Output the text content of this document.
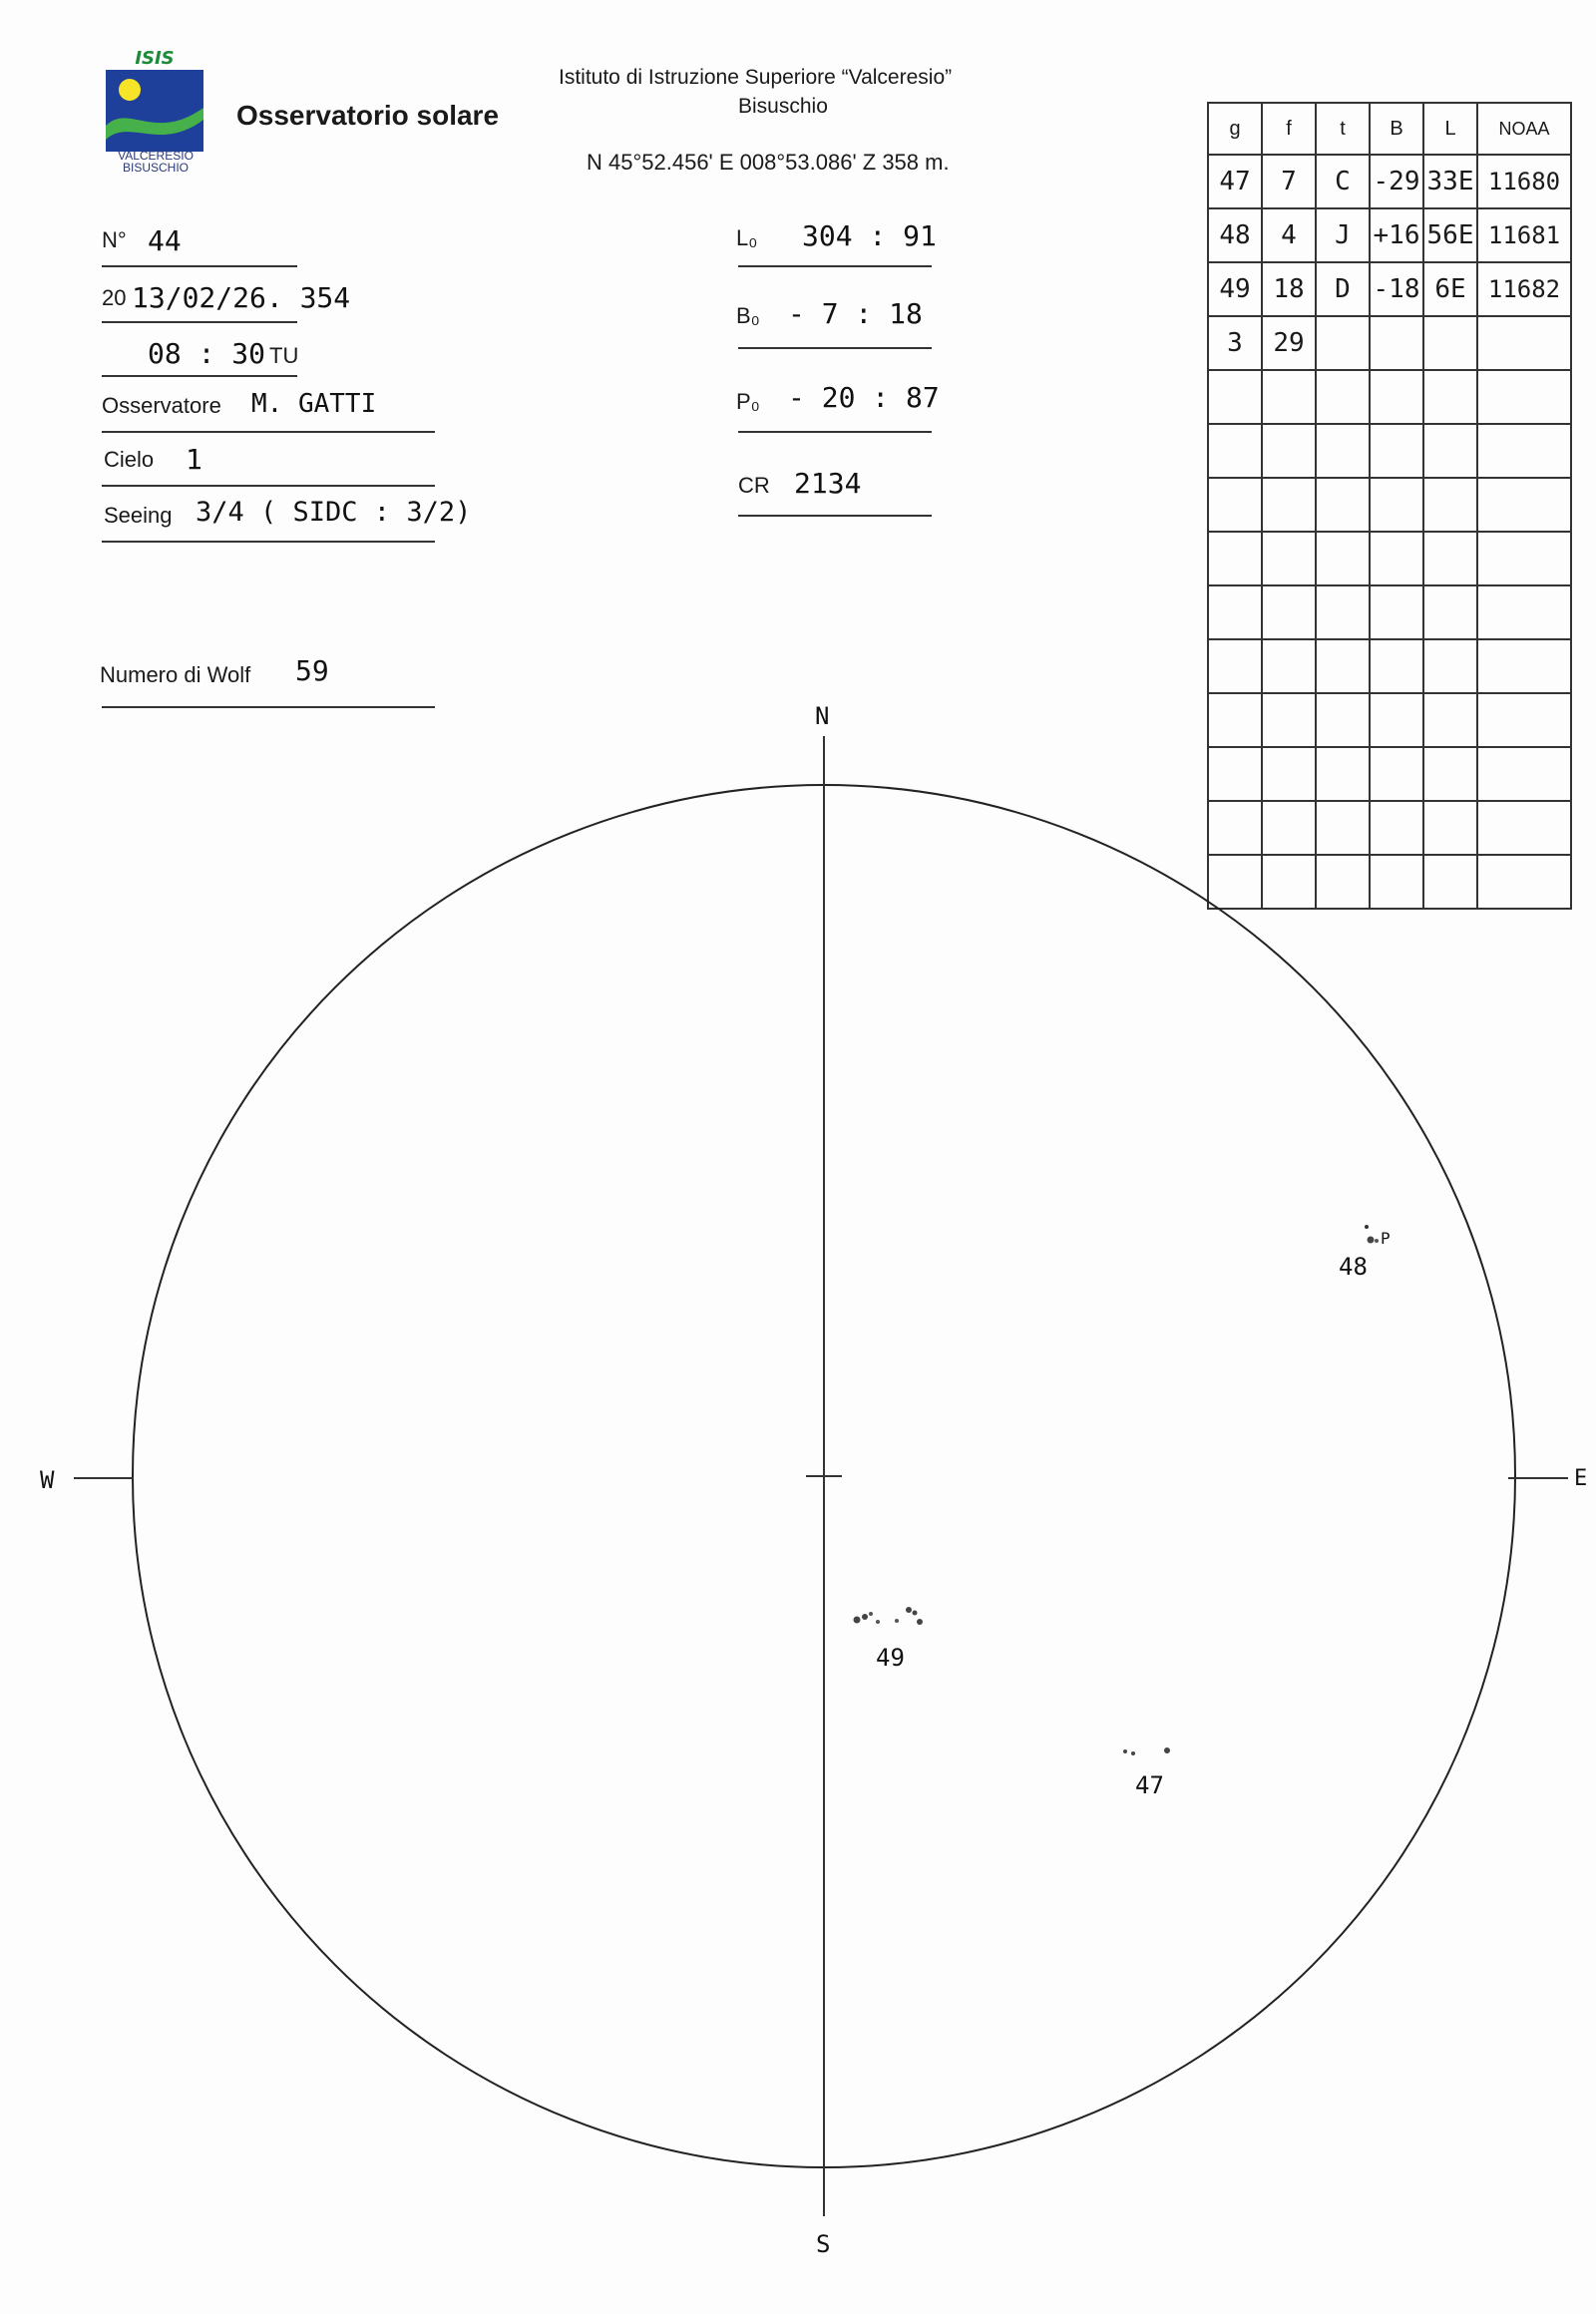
ISIS
VALCERESIO BISUSCHIO
Osservatorio solare
Istituto di Istruzione Superiore “Valceresio”
Bisuschio
N 45°52.456' E 008°53.086' Z 358 m.
N° 44
20 13/02/26. 354
08 : 30 TU
Osservatore M. GATTI
Cielo 1
Seeing 3/4 ( SIDC : 3/2)
Numero di Wolf 59
L₀ 304 : 91
B₀ - 7 : 18
P₀ - 20 : 87
CR 2134
g	f	t	B	L	NOAA
47	7	C	-29	33E	11680
48	4	J	+16	56E	11681
49	18	D	-18	6E	11682
3	29				

N
S
W	E
48
P
49
47
